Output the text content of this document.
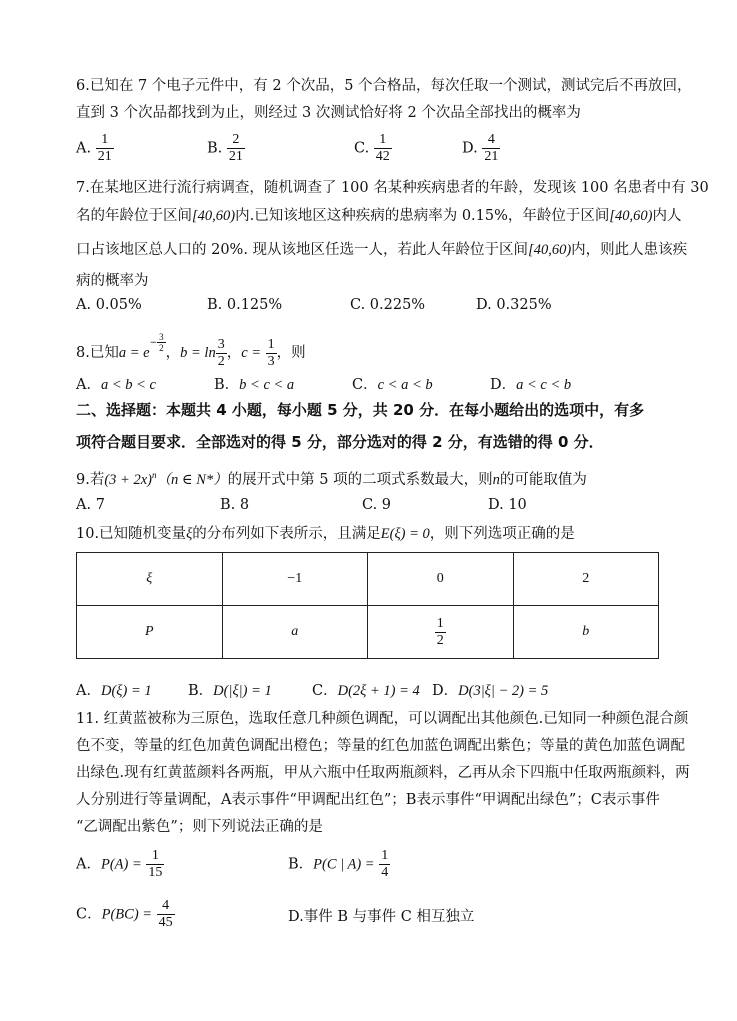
6.已知在 7 个电子元件中，有 2 个次品，5 个合格品，每次任取一个测试，测试完后不再放回，
直到 3 个次品都找到为止，则经过 3 次测试恰好将 2 个次品全部找出的概率为
A. $\frac{1}{21}$	B. $\frac{2}{21}$	C. $\frac{1}{42}$	D. $\frac{4}{21}$
7.在某地区进行流行病调查，随机调查了 100 名某种疾病患者的年龄，发现该 100 名患者中有 30
名的年龄位于区间[40,60)内.已知该地区这种疾病的患病率为 0.15%，年龄位于区间[40,60)内人
口占该地区总人口的 20%. 现从该地区任选一人，若此人年龄位于区间[40,60)内，则此人患该疾
病的概率为
A. 0.05%	B. 0.125%	C. 0.225%	D. 0.325%
8.已知$a = e^{- \frac{3}{2}}$ ，$b = \ln \frac{3}{2}$ ，$c = \frac{1}{3}$ ，则
A．a < b < c	B．b < c < a	C．c < a < b	D．a < c < b
二、选择题：本题共 4 小题，每小题 5 分，共 20 分．在每小题给出的选项中，有多
项符合题目要求．全部选对的得 5 分，部分选对的得 2 分，有选错的得 0 分．
9.若$(3 + 2x)^n(n$ ∈ N*）的展开式中第 5 项的二项式系数最大，则n的可能取值为
A. 7	B. 8	C. 9	D. 10
10.已知随机变量ξ的分布列如下表所示，且满足E(ξ) = 0，则下列选项正确的是
ξ	−1	0	2
P	a	$\frac{1}{2}$	b
A．D(ξ) = 1	B．D(|ξ|) = 1	C．D(2ξ + 1) = 4 D．D(3|ξ| − 2) = 5
11. 红黄蓝被称为三原色，选取任意几种颜色调配，可以调配出其他颜色.已知同一种颜色混合颜
色不变，等量的红色加黄色调配出橙色；等量的红色加蓝色调配出紫色；等量的黄色加蓝色调配
出绿色.现有红黄蓝颜料各两瓶，甲从六瓶中任取两瓶颜料，乙再从余下四瓶中任取两瓶颜料，两
人分别进行等量调配，A表示事件“甲调配出红色”；B表示事件“甲调配出绿色”；C表示事件
“乙调配出紫色”；则下列说法正确的是
A．$P(A) = \frac{1}{15}$	B．P(C | $A) = \frac{1}{4}$
C．$P(BC) = \frac{4}{45}$	D.事件 B 与事件 C 相互独立
